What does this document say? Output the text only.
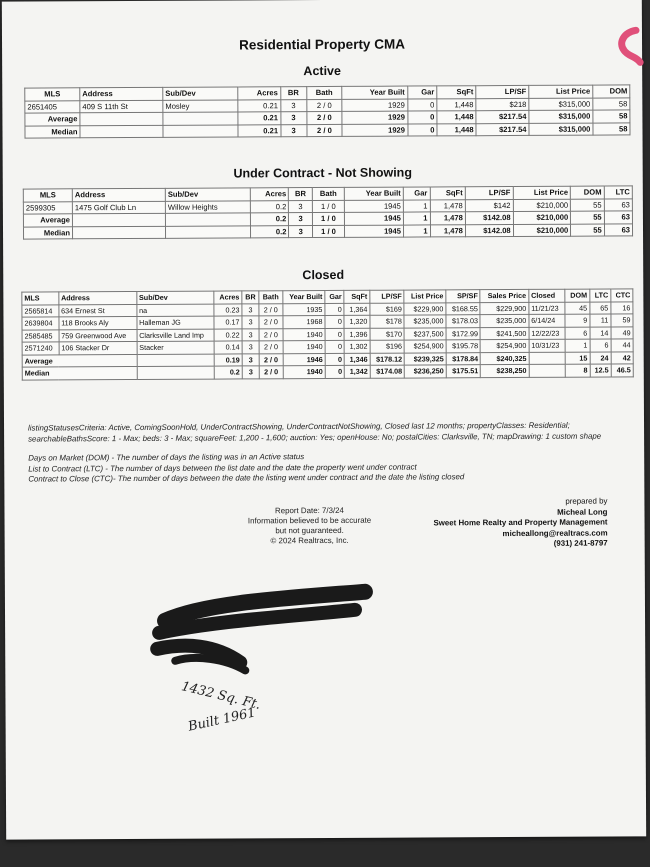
Residential Property CMA
Active
MLS	Address	Sub/Dev	Acres	BR	Bath	Year Built	Gar	SqFt	LP/SF	List Price	DOM
2651405	409 S 11th St	Mosley	0.21	3	2 / 0	1929	0	1,448	$218	$315,000	58
Average			0.21	3	2 / 0	1929	0	1,448	$217.54	$315,000	58
Median			0.21	3	2 / 0	1929	0	1,448	$217.54	$315,000	58
Under Contract - Not Showing
MLS	Address	Sub/Dev	Acres	BR	Bath	Year Built	Gar	SqFt	LP/SF	List Price	DOM	LTC
2599305	1475 Golf Club Ln	Willow Heights	0.2	3	1 / 0	1945	1	1,478	$142	$210,000	55	63
Average			0.2	3	1 / 0	1945	1	1,478	$142.08	$210,000	55	63
Median			0.2	3	1 / 0	1945	1	1,478	$142.08	$210,000	55	63
Closed
MLS	Address	Sub/Dev	Acres	BR	Bath	Year Built	Gar	SqFt	LP/SF	List Price	SP/SF	Sales Price	Closed	DOM	LTC	CTC
2565814	634 Ernest St	na	0.23	3	2 / 0	1935	0	1,364	$169	$229,900	$168.55	$229,900	11/21/23	45	65	16
2639804	118 Brooks Aly	Halleman JG	0.17	3	2 / 0	1968	0	1,320	$178	$235,000	$178.03	$235,000	6/14/24	9	11	59
2585485	759 Greenwood Ave	Clarksville Land Imp	0.22	3	2 / 0	1940	0	1,396	$170	$237,500	$172.99	$241,500	12/22/23	6	14	49
2571240	106 Stacker Dr	Stacker	0.14	3	2 / 0	1940	0	1,302	$196	$254,900	$195.78	$254,900	10/31/23	1	6	44
Average			0.19	3	2 / 0	1946	0	1,346	$178.12	$239,325	$178.84	$240,325		15	24	42
Median			0.2	3	2 / 0	1940	0	1,342	$174.08	$236,250	$175.51	$238,250		8	12.5	46.5
listingStatusesCriteria: Active, ComingSoonHold, UnderContractShowing, UnderContractNotShowing, Closed last 12 months; propertyClasses: Residential; searchableBathsScore: 1 - Max; beds: 3 - Max; squareFeet: 1,200 - 1,600; auction: Yes; openHouse: No; postalCities: Clarksville, TN; mapDrawing: 1 custom shape
Days on Market (DOM) - The number of days the listing was in an Active status
List to Contract (LTC) - The number of days between the list date and the date the property went under contract
Contract to Close (CTC)- The number of days between the date the listing went under contract and the date the listing closed
Report Date: 7/3/24
Information believed to be accurate
but not guaranteed.
© 2024 Realtracs, Inc.
prepared by
Micheal Long
Sweet Home Realty and Property Management
micheallong@realtracs.com
(931) 241-8797
1432 Sq. Ft.
Built 1961
